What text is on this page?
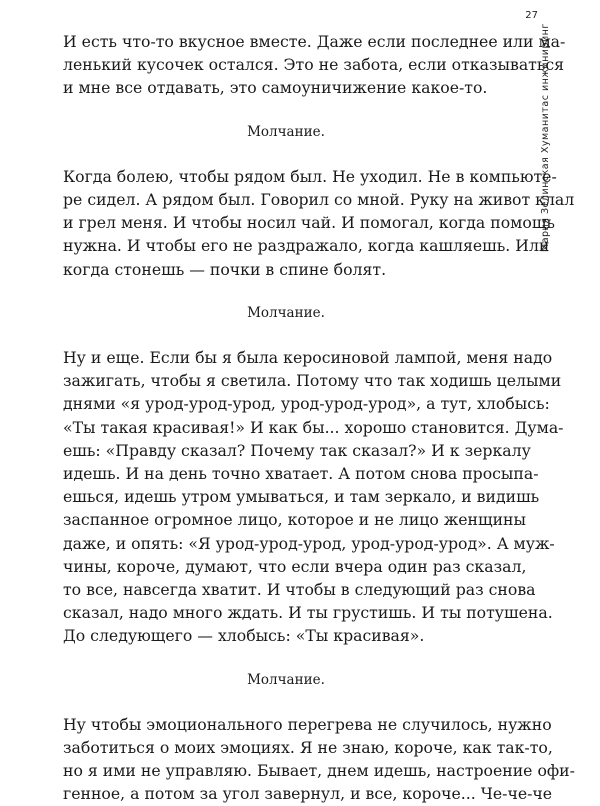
27
Мария Зелинская Хуманитас инжиниринг
И есть что-то вкусное вместе. Даже если последнее или ма-
ленький кусочек остался. Это не забота, если отказываться
и мне все отдавать, это самоуничижение какое-то.
Молчание.
Когда болею, чтобы рядом был. Не уходил. Не в компьюте-
ре сидел. А рядом был. Говорил со мной. Руку на живот клал
и грел меня. И чтобы носил чай. И помогал, когда помощь
нужна. И чтобы его не раздражало, когда кашляешь. Или
когда стонешь — почки в спине болят.
Молчание.
Ну и еще. Если бы я была керосиновой лампой, меня надо
зажигать, чтобы я светила. Потому что так ходишь целыми
днями «я урод-урод-урод, урод-урод-урод», а тут, хлобысь:
«Ты такая красивая!» И как бы... хорошо становится. Дума-
ешь: «Правду сказал? Почему так сказал?» И к зеркалу
идешь. И на день точно хватает. А потом снова просыпа-
ешься, идешь утром умываться, и там зеркало, и видишь
заспанное огромное лицо, которое и не лицо женщины
даже, и опять: «Я урод-урод-урод, урод-урод-урод». А муж-
чины, короче, думают, что если вчера один раз сказал,
то все, навсегда хватит. И чтобы в следующий раз снова
сказал, надо много ждать. И ты грустишь. И ты потушена.
До следующего — хлобысь: «Ты красивая».
Молчание.
Ну чтобы эмоционального перегрева не случилось, нужно
заботиться о моих эмоциях. Я не знаю, короче, как так-то,
но я ими не управляю. Бывает, днем идешь, настроение офи-
генное, а потом за угол завернул, и все, короче... Че-че-че
